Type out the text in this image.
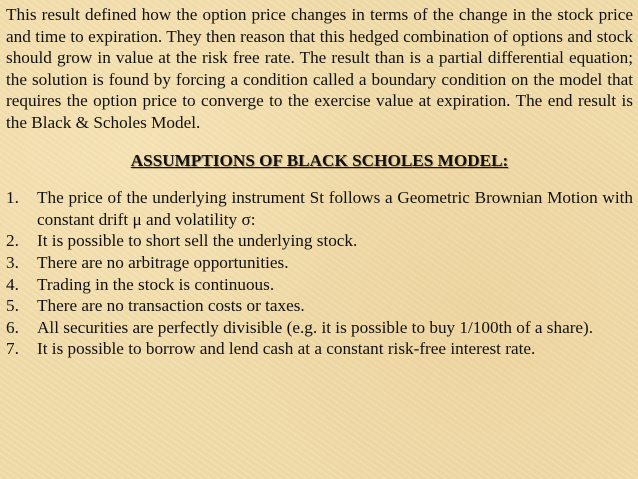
This result defined how the option price changes in terms of the change in the stock price and time to expiration. They then reason that this hedged combination of options and stock should grow in value at the risk free rate. The result than is a partial differential equation; the solution is found by forcing a condition called a boundary condition on the model that requires the option price to converge to the exercise value at expiration. The end result is the Black & Scholes Model.

ASSUMPTIONS OF BLACK SCHOLES MODEL:
1.	The price of the underlying instrument St follows a Geometric Brownian Motion with constant drift μ and volatility σ:
2.	It is possible to short sell the underlying stock.
3.	There are no arbitrage opportunities.
4.	Trading in the stock is continuous.
5.	There are no transaction costs or taxes.
6.	All securities are perfectly divisible (e.g. it is possible to buy 1/100th of a share).
7.	It is possible to borrow and lend cash at a constant risk-free interest rate.
